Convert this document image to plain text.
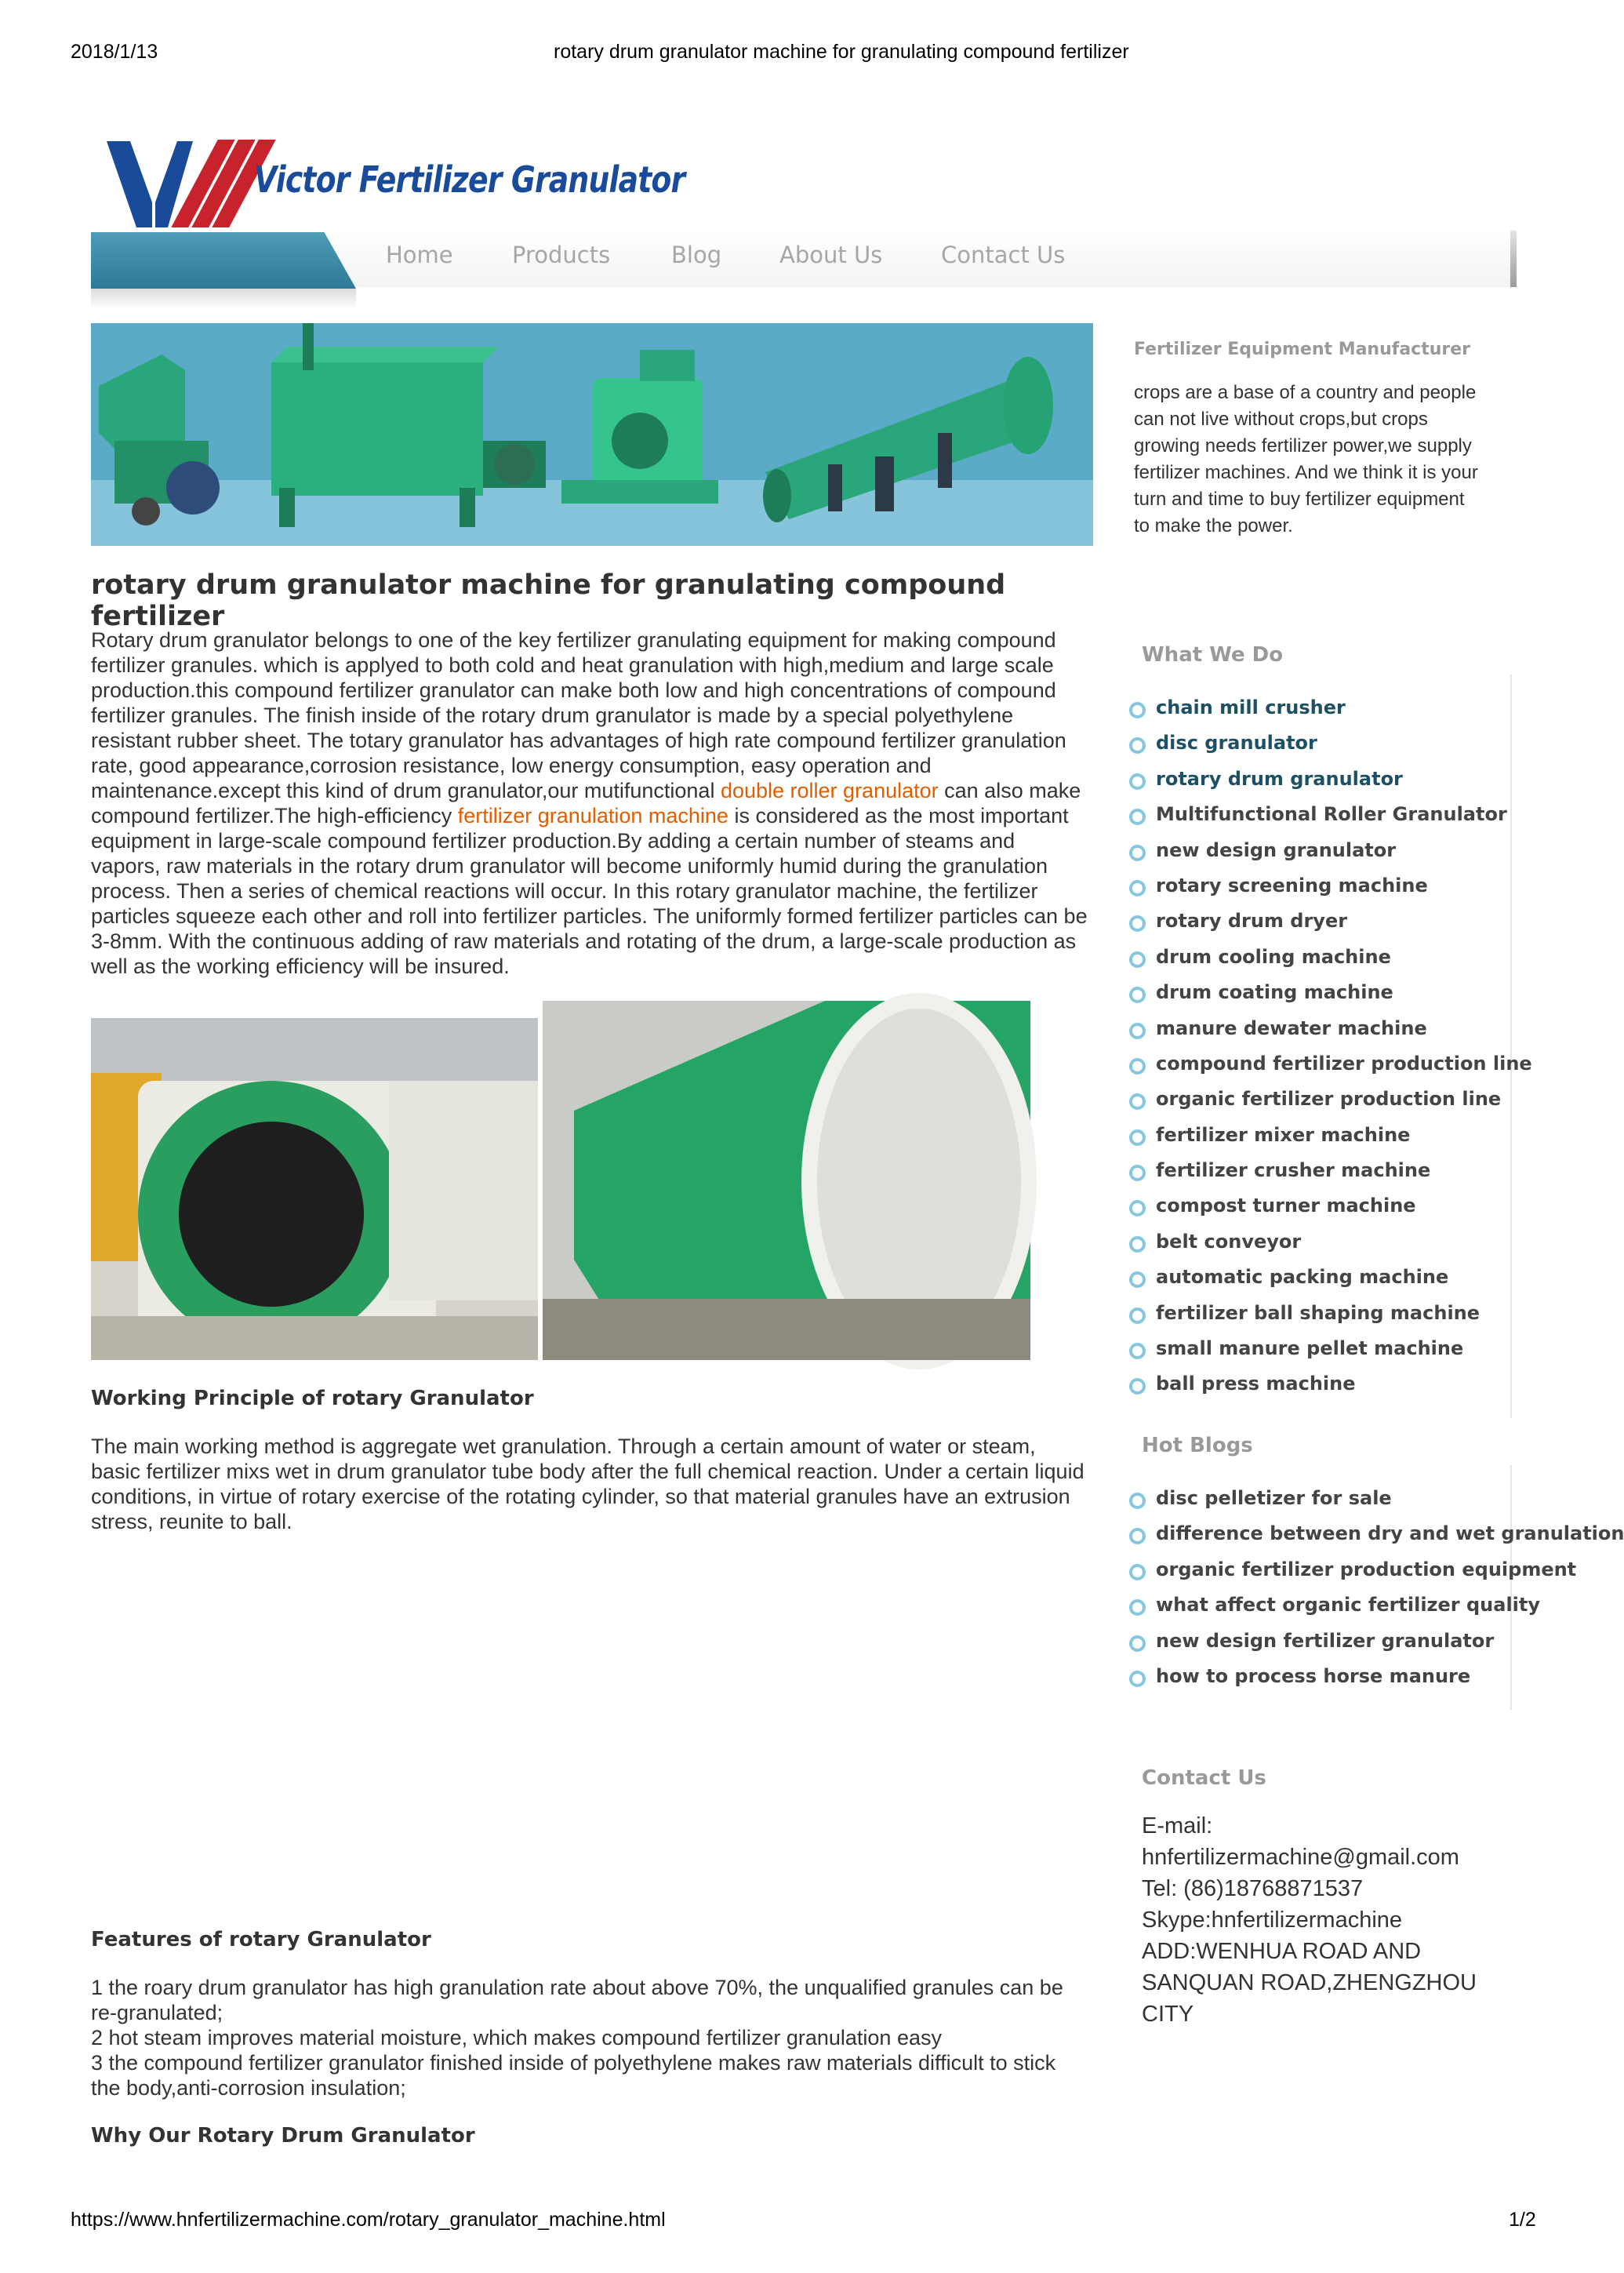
2018/1/13	rotary drum granulator machine for granulating compound fertilizer
https://www.hnfertilizermachine.com/rotary_granulator_machine.html	1/2
Victor Fertilizer Granulator
Home	Products	Blog	About Us	Contact Us
rotary drum granulator machine for granulating compound fertilizer
Rotary drum granulator belongs to one of the key fertilizer granulating equipment for making compound fertilizer granules. which is applyed to both cold and heat granulation with high,medium and large scale production.this compound fertilizer granulator can make both low and high concentrations of compound fertilizer granules. The finish inside of the rotary drum granulator is made by a special polyethylene resistant rubber sheet. The totary granulator has advantages of high rate compound fertilizer granulation rate, good appearance,corrosion resistance, low energy consumption, easy operation and maintenance.except this kind of drum granulator,our mutifunctional double roller granulator can also make compound fertilizer.The high-efficiency fertilizer granulation machine is considered as the most important equipment in large-scale compound fertilizer production.By adding a certain number of steams and vapors, raw materials in the rotary drum granulator will become uniformly humid during the granulation process. Then a series of chemical reactions will occur. In this rotary granulator machine, the fertilizer particles squeeze each other and roll into fertilizer particles. The uniformly formed fertilizer particles can be 3-8mm. With the continuous adding of raw materials and rotating of the drum, a large-scale production as well as the working efficiency will be insured.
Working Principle of rotary Granulator
The main working method is aggregate wet granulation. Through a certain amount of water or steam, basic fertilizer mixs wet in drum granulator tube body after the full chemical reaction. Under a certain liquid conditions, in virtue of rotary exercise of the rotating cylinder, so that material granules have an extrusion stress, reunite to ball.
Features of rotary Granulator
1 the roary drum granulator has high granulation rate about above 70%, the unqualified granules can be re-granulated;
2 hot steam improves material moisture, which makes compound fertilizer granulation easy
3 the compound fertilizer granulator finished inside of polyethylene makes raw materials difficult to stick the body,anti-corrosion insulation;
Why Our Rotary Drum Granulator
Fertilizer Equipment Manufacturer
crops are a base of a country and people can not live without crops,but crops growing needs fertilizer power,we supply fertilizer machines. And we think it is your turn and time to buy fertilizer equipment to make the power.
What We Do
chain mill crusher
disc granulator
rotary drum granulator
Multifunctional Roller Granulator
new design granulator
rotary screening machine
rotary drum dryer
drum cooling machine
drum coating machine
manure dewater machine
compound fertilizer production line
organic fertilizer production line
fertilizer mixer machine
fertilizer crusher machine
compost turner machine
belt conveyor
automatic packing machine
fertilizer ball shaping machine
small manure pellet machine
ball press machine
Hot Blogs
disc pelletizer for sale
difference between dry and wet granulation
organic fertilizer production equipment
what affect organic fertilizer quality
new design fertilizer granulator
how to process horse manure
Contact Us
E-mail:
hnfertilizermachine@gmail.com
Tel: (86)18768871537
Skype:hnfertilizermachine
ADD:WENHUA ROAD AND SANQUAN ROAD,ZHENGZHOU CITY
